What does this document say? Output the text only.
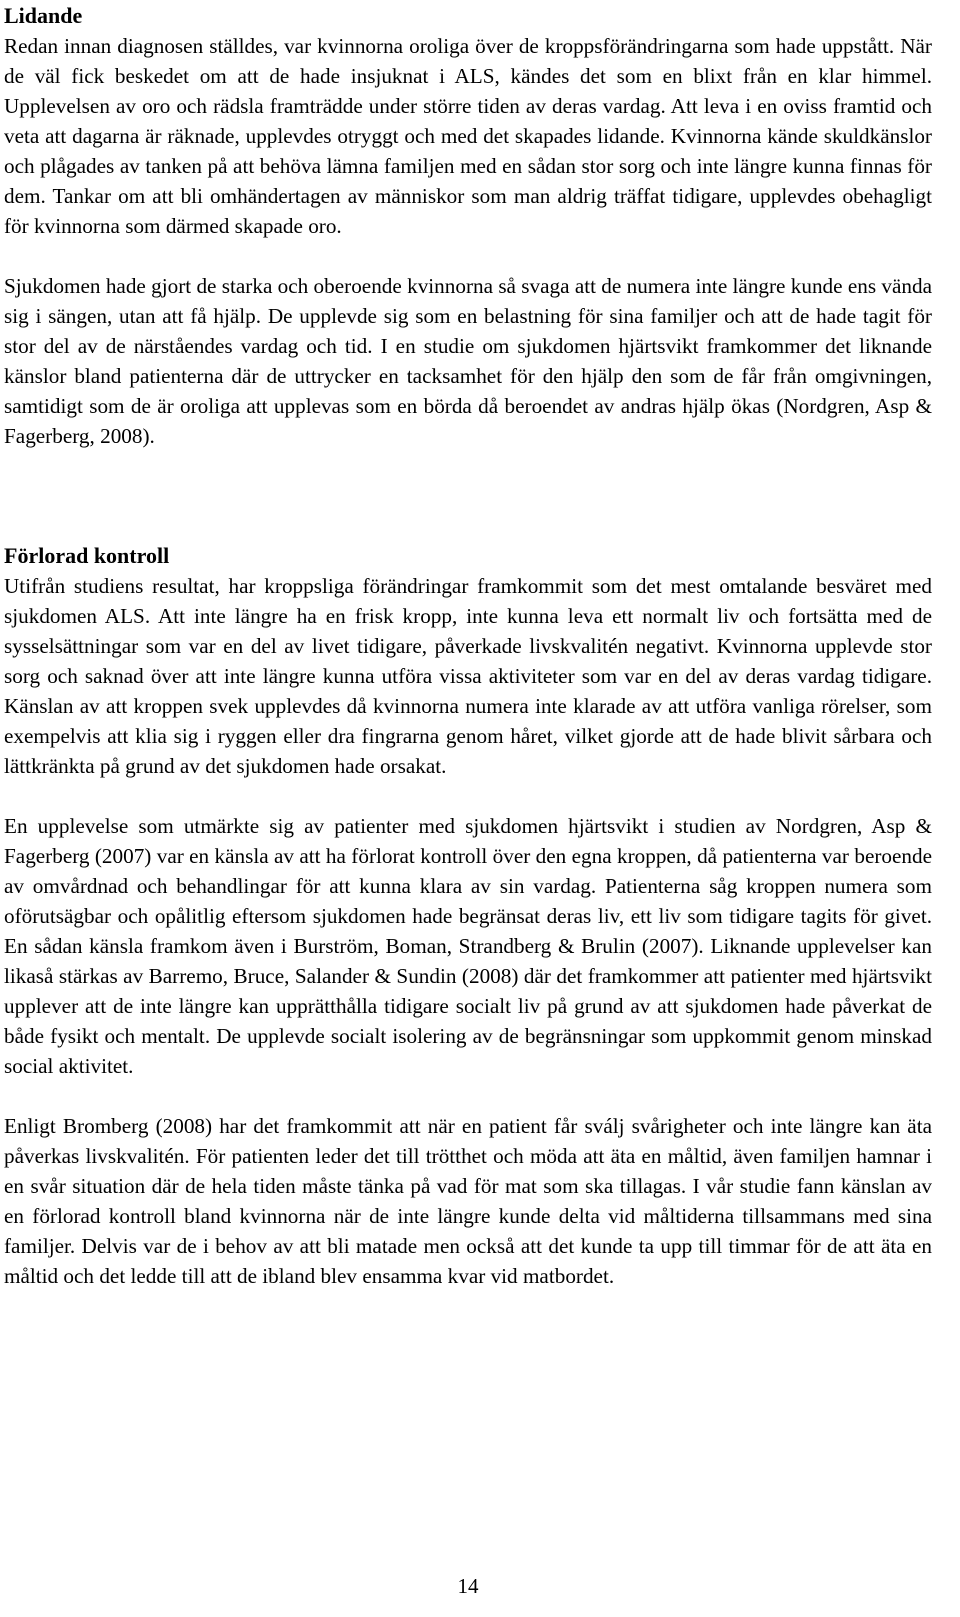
Lidande

Redan innan diagnosen ställdes, var kvinnorna oroliga över de kroppsförändringarna som hade uppstått. När de väl fick beskedet om att de hade insjuknat i ALS, kändes det som en blixt från en klar himmel. Upplevelsen av oro och rädsla framträdde under större tiden av deras vardag. Att leva i en oviss framtid och veta att dagarna är räknade, upplevdes otryggt och med det skapades lidande. Kvinnorna kände skuldkänslor och plågades av tanken på att behöva lämna familjen med en sådan stor sorg och inte längre kunna finnas för dem. Tankar om att bli omhändertagen av människor som man aldrig träffat tidigare, upplevdes obehagligt för kvinnorna som därmed skapade oro.

Sjukdomen hade gjort de starka och oberoende kvinnorna så svaga att de numera inte längre kunde ens vända sig i sängen, utan att få hjälp. De upplevde sig som en belastning för sina familjer och att de hade tagit för stor del av de närståendes vardag och tid. I en studie om sjukdomen hjärtsvikt framkommer det liknande känslor bland patienterna där de uttrycker en tacksamhet för den hjälp den som de får från omgivningen, samtidigt som de är oroliga att upplevas som en börda då beroendet av andras hjälp ökas (Nordgren, Asp & Fagerberg, 2008).

Förlorad kontroll

Utifrån studiens resultat, har kroppsliga förändringar framkommit som det mest omtalande besväret med sjukdomen ALS. Att inte längre ha en frisk kropp, inte kunna leva ett normalt liv och fortsätta med de sysselsättningar som var en del av livet tidigare, påverkade livskvalitén negativt. Kvinnorna upplevde stor sorg och saknad över att inte längre kunna utföra vissa aktiviteter som var en del av deras vardag tidigare. Känslan av att kroppen svek upplevdes då kvinnorna numera inte klarade av att utföra vanliga rörelser, som exempelvis att klia sig i ryggen eller dra fingrarna genom håret, vilket gjorde att de hade blivit sårbara och lättkränkta på grund av det sjukdomen hade orsakat.

En upplevelse som utmärkte sig av patienter med sjukdomen hjärtsvikt i studien av Nordgren, Asp & Fagerberg (2007) var en känsla av att ha förlorat kontroll över den egna kroppen, då patienterna var beroende av omvårdnad och behandlingar för att kunna klara av sin vardag. Patienterna såg kroppen numera som oförutsägbar och opålitlig eftersom sjukdomen hade begränsat deras liv, ett liv som tidigare tagits för givet. En sådan känsla framkom även i Burström, Boman, Strandberg & Brulin (2007). Liknande upplevelser kan likaså stärkas av Barremo, Bruce, Salander & Sundin (2008) där det framkommer att patienter med hjärtsvikt upplever att de inte längre kan upprätthålla tidigare socialt liv på grund av att sjukdomen hade påverkat de både fysikt och mentalt. De upplevde socialt isolering av de begränsningar som uppkommit genom minskad social aktivitet.

Enligt Bromberg (2008) har det framkommit att när en patient får sválj svårigheter och inte längre kan äta påverkas livskvalitén. För patienten leder det till trötthet och möda att äta en måltid, även familjen hamnar i en svår situation där de hela tiden måste tänka på vad för mat som ska tillagas. I vår studie fann känslan av en förlorad kontroll bland kvinnorna när de inte längre kunde delta vid måltiderna tillsammans med sina familjer. Delvis var de i behov av att bli matade men också att det kunde ta upp till timmar för de att äta en måltid och det ledde till att de ibland blev ensamma kvar vid matbordet.

14
